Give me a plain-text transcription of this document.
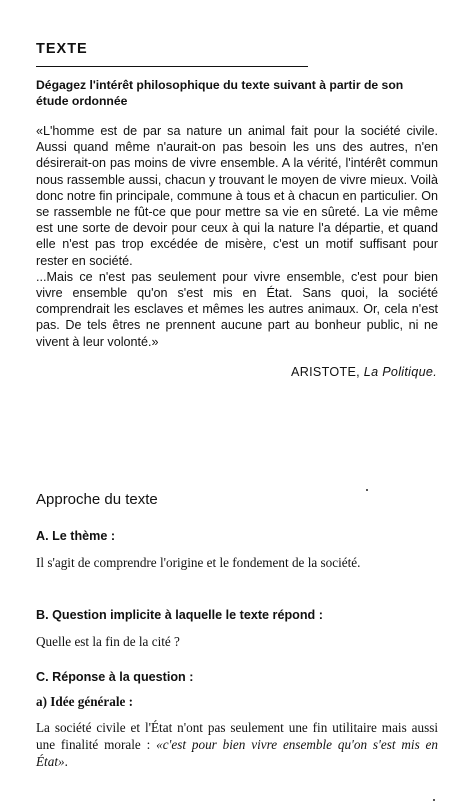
TEXTE
Dégagez l'intérêt philosophique du texte suivant à partir de son étude ordonnée

«L'homme est de par sa nature un animal fait pour la société civile. Aussi quand même n'aurait-on pas besoin les uns des autres, n'en désirerait-on pas moins de vivre ensemble. A la vérité, l'intérêt commun nous rassemble aussi, chacun y trouvant le moyen de vivre mieux. Voilà donc notre fin principale, commune à tous et à chacun en particulier. On se rassemble ne fût-ce que pour mettre sa vie en sûreté. La vie même est une sorte de devoir pour ceux à qui la nature l'a départie, et quand elle n'est pas trop excédée de misère, c'est un motif suffisant pour rester en société.

...Mais ce n'est pas seulement pour vivre ensemble, c'est pour bien vivre ensemble qu'on s'est mis en État. Sans quoi, la société comprendrait les esclaves et mêmes les autres animaux. Or, cela n'est pas. De tels êtres ne prennent aucune part au bonheur public, ni ne vivent à leur volonté.»

ARISTOTE, La Politique.
Approche du texte
A. Le thème :
Il s'agit de comprendre l'origine et le fondement de la société.
B. Question implicite à laquelle le texte répond :
Quelle est la fin de la cité ?
C. Réponse à la question :
a) Idée générale :
La société civile et l'État n'ont pas seulement une fin utilitaire mais aussi une finalité morale : «c'est pour bien vivre ensemble qu'on s'est mis en État».
